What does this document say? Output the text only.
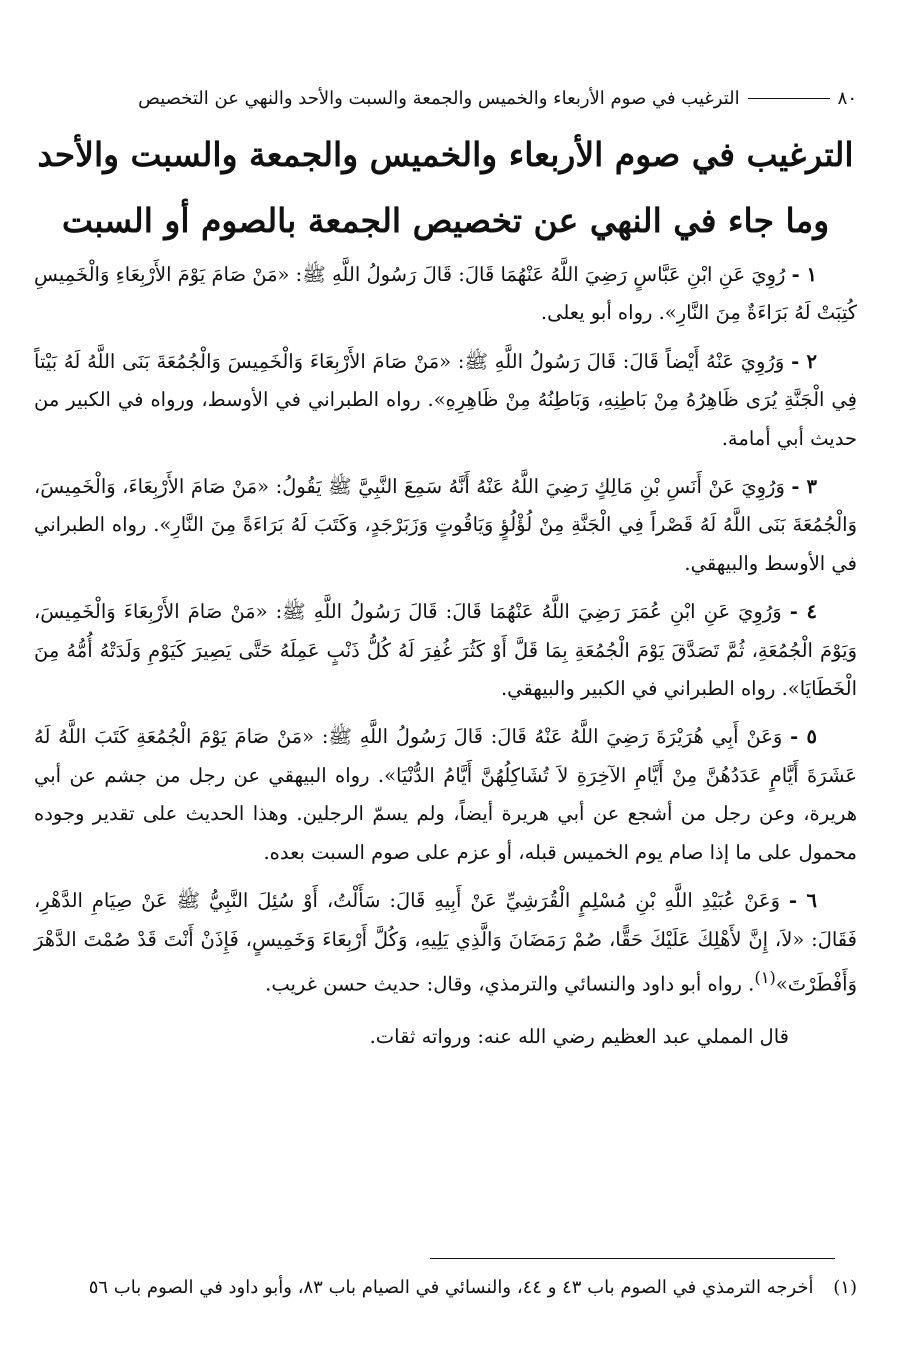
٨٠
الترغيب في صوم الأربعاء والخميس والجمعة والسبت والأحد والنهي عن التخصيص
الترغيب في صوم الأربعاء والخميس والجمعة والسبت والأحد
وما جاء في النهي عن تخصيص الجمعة بالصوم أو السبت

١ - رُوِيَ عَنِ ابْنِ عَبَّاسٍ رَضِيَ اللَّهُ عَنْهُمَا قَالَ: قَالَ رَسُولُ اللَّهِ ﷺ: «مَنْ صَامَ يَوْمَ الأَرْبِعَاءِ وَالْخَمِيسِ كُتِبَتْ لَهُ بَرَاءَةٌ مِنَ النَّارِ». رواه أبو يعلى.

٢ - وَرُوِيَ عَنْهُ أَيْضاً قَالَ: قَالَ رَسُولُ اللَّهِ ﷺ: «مَنْ صَامَ الأَرْبِعَاءَ وَالْخَمِيسَ وَالْجُمُعَةَ بَنَى اللَّهُ لَهُ بَيْتاً فِي الْجَنَّةِ يُرَى ظَاهِرُهُ مِنْ بَاطِنِهِ، وَبَاطِنُهُ مِنْ ظَاهِرِهِ». رواه الطبراني في الأوسط، ورواه في الكبير من حديث أبي أمامة.

٣ - وَرُوِيَ عَنْ أَنَسِ بْنِ مَالِكٍ رَضِيَ اللَّهُ عَنْهُ أَنَّهُ سَمِعَ النَّبِيَّ ﷺ يَقُولُ: «مَنْ صَامَ الأَرْبِعَاءَ، وَالْخَمِيسَ، وَالْجُمُعَةَ بَنَى اللَّهُ لَهُ قَصْراً فِي الْجَنَّةِ مِنْ لُؤْلُؤٍ وَيَاقُوتٍ وَزَبَرْجَدٍ، وَكَتَبَ لَهُ بَرَاءَةً مِنَ النَّارِ». رواه الطبراني في الأوسط والبيهقي.

٤ - وَرُوِيَ عَنِ ابْنِ عُمَرَ رَضِيَ اللَّهُ عَنْهُمَا قَالَ: قَالَ رَسُولُ اللَّهِ ﷺ: «مَنْ صَامَ الأَرْبِعَاءَ وَالْخَمِيسَ، وَيَوْمَ الْجُمُعَةِ، ثُمَّ تَصَدَّقَ يَوْمَ الْجُمُعَةِ بِمَا قَلَّ أَوْ كَثُرَ غُفِرَ لَهُ كُلُّ ذَنْبٍ عَمِلَهُ حَتَّى يَصِيرَ كَيَوْمِ وَلَدَتْهُ أُمُّهُ مِنَ الْخَطَايَا». رواه الطبراني في الكبير والبيهقي.

٥ - وَعَنْ أَبِي هُرَيْرَةَ رَضِيَ اللَّهُ عَنْهُ قَالَ: قَالَ رَسُولُ اللَّهِ ﷺ: «مَنْ صَامَ يَوْمَ الْجُمُعَةِ كَتَبَ اللَّهُ لَهُ عَشَرَةَ أَيَّامٍ عَدَدُهُنَّ مِنْ أَيَّامِ الآخِرَةِ لاَ تُشَاكِلُهُنَّ أَيَّامُ الدُّنْيَا». رواه البيهقي عن رجل من جشم عن أبي هريرة، وعن رجل من أشجع عن أبي هريرة أيضاً، ولم يسمّ الرجلين. وهذا الحديث على تقدير وجوده محمول على ما إذا صام يوم الخميس قبله، أو عزم على صوم السبت بعده.

٦ - وَعَنْ عُبَيْدِ اللَّهِ بْنِ مُسْلِمٍ الْقُرَشِيِّ عَنْ أَبِيهِ قَالَ: سَأَلْتُ، أَوْ سُئِلَ النَّبِيُّ ﷺ عَنْ صِيَامِ الدَّهْرِ، فَقَالَ: «لاَ، إِنَّ لأَهْلِكَ عَلَيْكَ حَقًّا، صُمْ رَمَضَانَ وَالَّذِي يَلِيهِ، وَكُلَّ أَرْبِعَاءَ وَخَمِيسٍ، فَإِذَنْ أَنْتَ قَدْ صُمْتَ الدَّهْرَ وَأَفْطَرْتَ»$^{(١)}$. رواه أبو داود والنسائي والترمذي، وقال: حديث حسن غريب.

قال المملي عبد العظيم رضي الله عنه: ورواته ثقات.

(١) أخرجه الترمذي في الصوم باب ٤٣ و ٤٤، والنسائي في الصيام باب ٨٣، وأبو داود في الصوم باب ٥٦
